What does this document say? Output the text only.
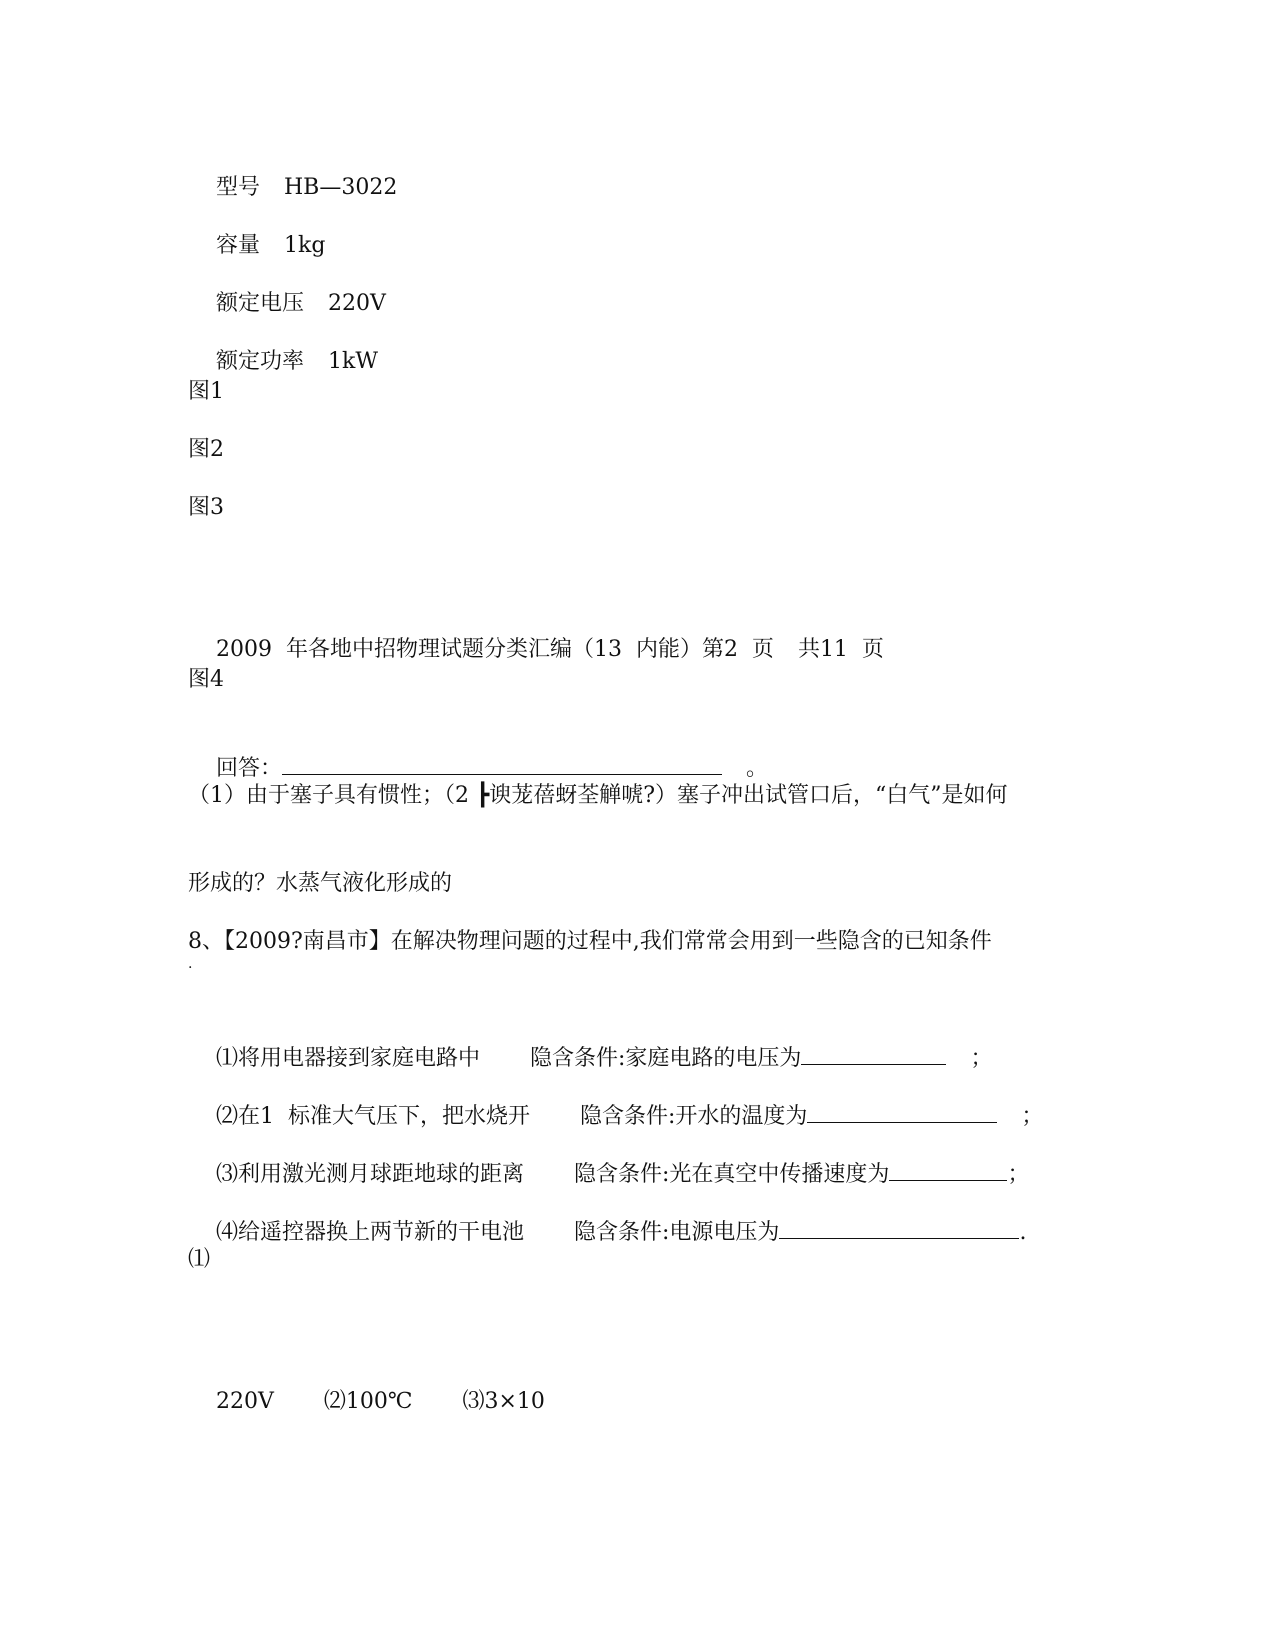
型号 HB—3022

容量 1kg

额定电压 220V

额定功率 1kW

图1
图2
图3

2009  年各地中招物理试题分类汇编（13  内能）第2  页 共11  页

图4

回答：	。

（1）由于塞子具有惯性；（2 ┣谀茏蓓蚜荃觯唬?）塞子冲出试管口后，“白气”是如何
形成的？水蒸气液化形成的
8、【2009?南昌市】在解决物理问题的过程中,我们常常会用到一些隐含的已知条件
.

⑴将用电器接到家庭电路中 隐含条件:家庭电路的电压为	；

⑵在1  标准大气压下，把水烧开 隐含条件:开水的温度为	；

⑶利用激光测月球距地球的距离 隐含条件:光在真空中传播速度为	；

⑷给遥控器换上两节新的干电池 隐含条件:电源电压为	.

⑴

220V ⑵100℃ ⑶3×10
